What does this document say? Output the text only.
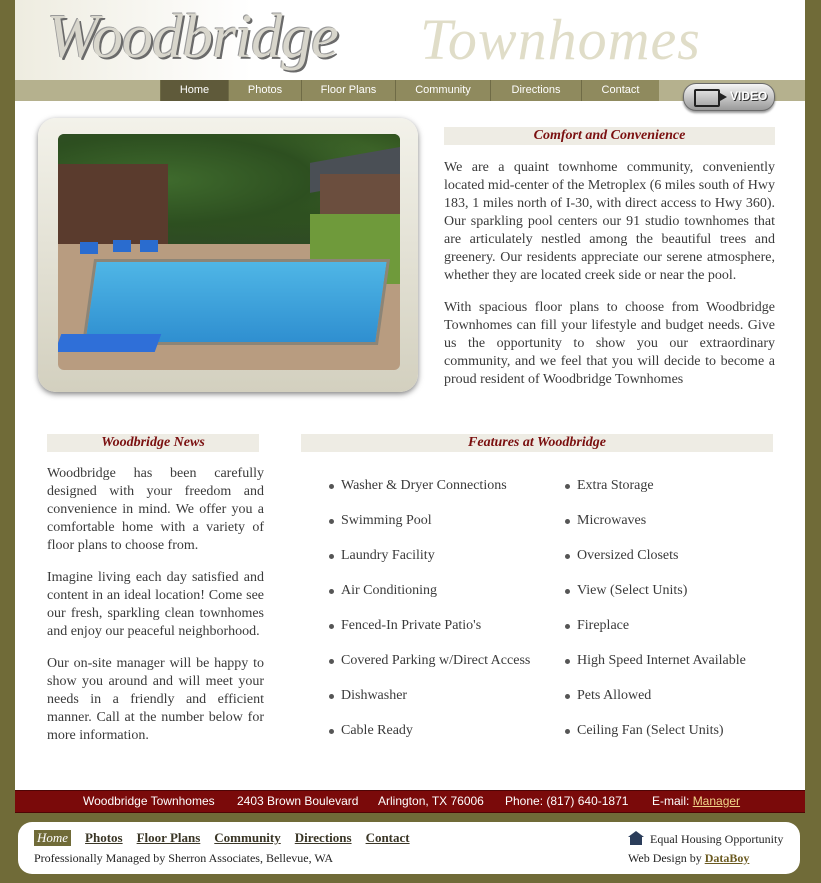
Woodbridge Townhomes
Home	Photos	Floor Plans	Community	Directions	Contact	VIDEO
Comfort and Convenience

We are a quaint townhome community, conveniently located mid-center of the Metroplex (6 miles south of Hwy 183, 1 miles north of I-30, with direct access to Hwy 360). Our sparkling pool centers our 91 studio townhomes that are articulately nestled among the beautiful trees and greenery. Our residents appreciate our serene atmosphere, whether they are located creek side or near the pool.

With spacious floor plans to choose from Woodbridge Townhomes can fill your lifestyle and budget needs. Give us the opportunity to show you our extraordinary community, and we feel that you will decide to become a proud resident of Woodbridge Townhomes

Woodbridge News

Woodbridge has been carefully designed with your freedom and convenience in mind. We offer you a comfortable home with a variety of floor plans to choose from.

Imagine living each day satisfied and content in an ideal location! Come see our fresh, sparkling clean townhomes and enjoy our peaceful neighborhood.

Our on-site manager will be happy to show you around and will meet your needs in a friendly and efficient manner. Call at the number below for more information.

Features at Woodbridge
Washer & Dryer Connections
Swimming Pool
Laundry Facility
Air Conditioning
Fenced-In Private Patio's
Covered Parking w/Direct Access
Dishwasher
Cable Ready
Extra Storage
Microwaves
Oversized Closets
View (Select Units)
Fireplace
High Speed Internet Available
Pets Allowed
Ceiling Fan (Select Units)
Woodbridge Townhomes 2403 Brown Boulevard Arlington, TX 76006 Phone: (817) 640-1871 E-mail: Manager
Home Photos Floor Plans Community Directions Contact
Professionally Managed by Sherron Associates, Bellevue, WA
Equal Housing Opportunity
Web Design by DataBoy
